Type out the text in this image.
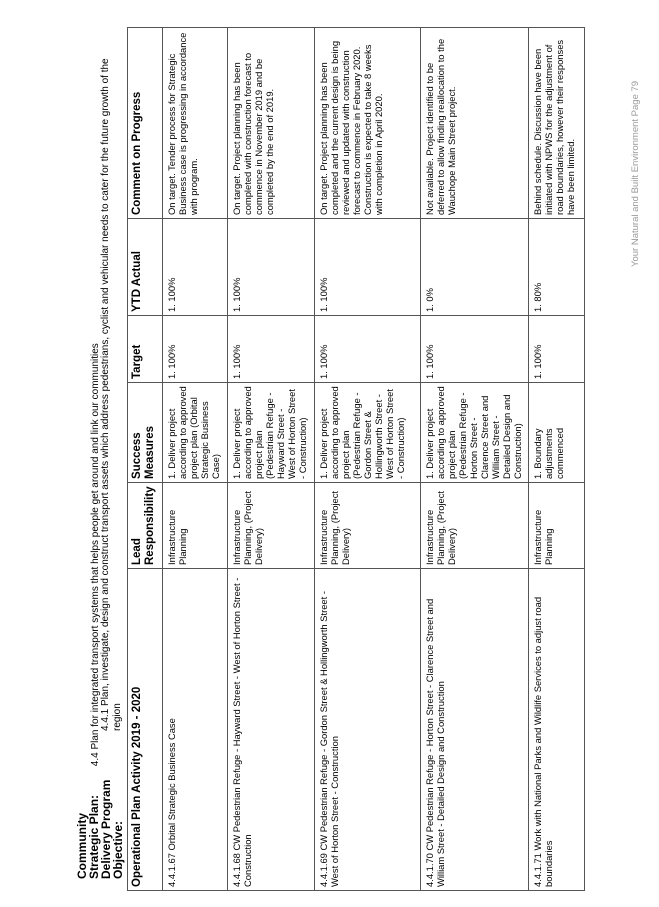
Community Strategic Plan: 4.4 Plan for integrated transport systems that helps people get around and link our communities
Delivery Program Objective:
4.4.1 Plan, investigate, design and construct transport assets which address pedestrians, cyclist and vehicular needs to cater for the future growth of the region Operational Plan Activity 2019 - 2020	Lead Responsibility	Success Measures	Target	YTD Actual	Comment on Progress
4.4.1.67 Orbital Strategic Business Case	Infrastructure Planning	1. Deliver project according to approved project plan (Orbital Strategic Business Case)	1. 100%	1. 100%	On target. Tender process for Strategic Business case is progressing in accordance with program.
4.4.1.68 CW Pedestrian Refuge - Hayward Street - West of Horton Street - Construction	Infrastructure Planning, (Project Delivery)	1. Deliver project according to approved project plan (Pedestrian Refuge - Hayward Street - West of Horton Street - Construction)	1. 100%	1. 100%	On target. Project planning has been completed with construction forecast to commence in November 2019 and be completed by the end of 2019.
4.4.1.69 CW Pedestrian Refuge - Gordon Street & Hollingworth Street - West of Horton Street - Construction	Infrastructure Planning, (Project Delivery)	1. Deliver project according to approved project plan (Pedestrian Refuge - Gordon Street & Hollingworth Street - West of Horton Street - Construction)	1. 100%	1. 100%	On target. Project planning has been completed and the current design is being reviewed and updated with construction forecast to commence in February 2020. Construction is expected to take 8 weeks with completion in April 2020.
4.4.1.70 CW Pedestrian Refuge - Horton Street - Clarence Street and William Street - Detailed Design and Construction	Infrastructure Planning, (Project Delivery)	1. Deliver project according to approved project plan (Pedestrian Refuge - Horton Street - Clarence Street and William Street - Detailed Design and Construction)	1. 100%	1. 0%	Not available. Project identified to be deferred to allow finding reallocation to the Wauchope Main Street project.
4.4.1.71 Work with National Parks and Wildlife Services to adjust road boundaries	Infrastructure Planning	1. Boundary adjustments commenced	1. 100%	1. 80%	Behind schedule. Discussion have been initiated with NPWS for the adjustment of road boundaries, however their responses have been limited.	Your Natural and Built Environment Page 79
